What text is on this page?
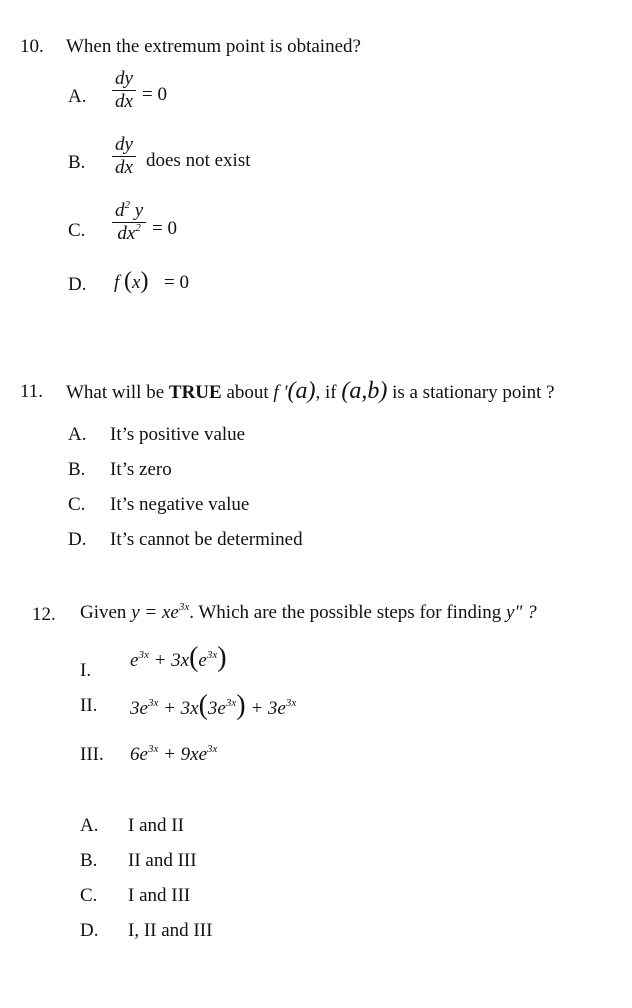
10. When the extremum point is obtained?
A.
dy
dx = 0
B.
dy
dx does not exist
C.
$d^2$ y
$dx^2 = 0$
D. f (x) = 0
11. What will be TRUE about f '(a), if (a,b) is a stationary point ?
A. It’s positive value
B. It’s zero
C. It’s negative value
D. It’s cannot be determined
12. Given $y = xe^{3x}$. Which are the possible steps for finding y" ?
I. $e^{3x} + 3x(e^{3x})$
II. $3e^{3x} + 3x(3e^{3x}) + 3e^{3x}$
III. $6e^{3x} + 9xe^{3x}$
A. I and II
B. II and III
C. I and III
D. I, II and III
